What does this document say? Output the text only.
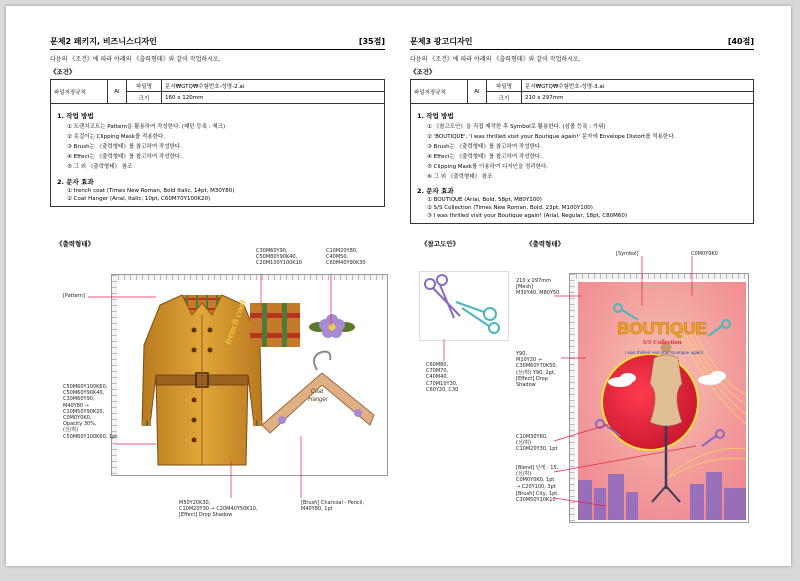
문제2 패키지, 비즈니스디자인	[35점]
다음의 《조건》에 따라 아래의 《출력형태》와 같이 작업하시오.
《조건》
파일저장규칙	AI	파일명	문서₩GTQ₩수험번호-성명-2.ai
		크기	160 x 120mm
1. 작업 방법
① 트렌치코트는 Pattern을 활용하여 작성한다. (패턴 등록 : 체크)
② 옷걸이는 Clipping Mask를 적용한다.
③ Brush는 《출력형태》를 참고하여 작성한다.
④ Effect는 《출력형태》를 참고하여 작성한다.
⑤ 그 외 《출력형태》 참조
2. 문자 효과
① trench coat (Times New Roman, Bold Italic, 14pt, M30Y80)
② Coat Hanger (Arial, Italic, 10pt, C60M70Y100K20)
문제3 광고디자인	[40점]
다음의 《조건》에 따라 아래의 《출력형태》와 같이 작업하시오.
《조건》
파일저장규칙	AI	파일명	문서₩GTQ₩수험번호-성명-3.ai
		크기	210 x 297mm
1. 작업 방법
① 《참고도안》을 직접 제작한 후 Symbol로 활용한다. (심볼 등록 : 가위)
② 'BOUTIQUE', 'I was thrilled visit your Boutique again!' 문자에 Envelope Distort를 적용한다.
③ Brush는 《출력형태》를 참고하여 작성한다.
④ Effect는 《출력형태》를 참고하여 작성한다.
⑤ Clipping Mask를 이용하여 디자인을 정리한다.
⑥ 그 외 《출력형태》 참조
2. 문자 효과
① BOUTIQUE (Arial, Bold, 58pt, M80Y100)
② S/S Collection (Times New Roman, Bold, 23pt, M100Y100)
③ I was thrilled visit your Boutique again! (Arial, Regular, 18pt, C80M60)
《출력형태》
trench coat
Coat
Hanger
[Pattern]
C50M60Y100K60,
C50M60Y90K40,
C30M60Y90,
M40Y80 →
C10M50Y90K20,
C0M0Y0K0,
Opacity 30%,
(선/획)
C50M60Y100K60, 1pt
C30M60Y90,
C50M80Y90K40,
C20M100Y100K10
C10M20Y80,
C40M50,
C60M40Y90K30
M50Y20K30,
C10M20Y30 → C20M40Y50K10,
[Effect] Drop Shadow
[Brush] Charcoal - Pencil,
M40Y80, 1pt
《참고도안》	《출력형태》
BOUTIQUE
S/S Collection
I was thrilled visit your Boutique again!
[Symbol]	C0M0Y0K0
210 x 297mm
[Mesh]
M30Y40, M80Y50
C60M80,
C70M70,
C40M40,
C70M10Y30,
C60Y20, C30
Y90,
M10Y20 →
C30M60Y70K50,
(선/획) Y90, 2pt,
[Effect] Drop
Shadow
C10M30Y60,
(선/획)
C10M20Y30, 1pt
[Blend] 단계 : 15,
(선/획)
C0M0Y0K0, 1pt
→ C20Y100, 3pt
[Brush] City, 1pt,
C30M50Y10K10
